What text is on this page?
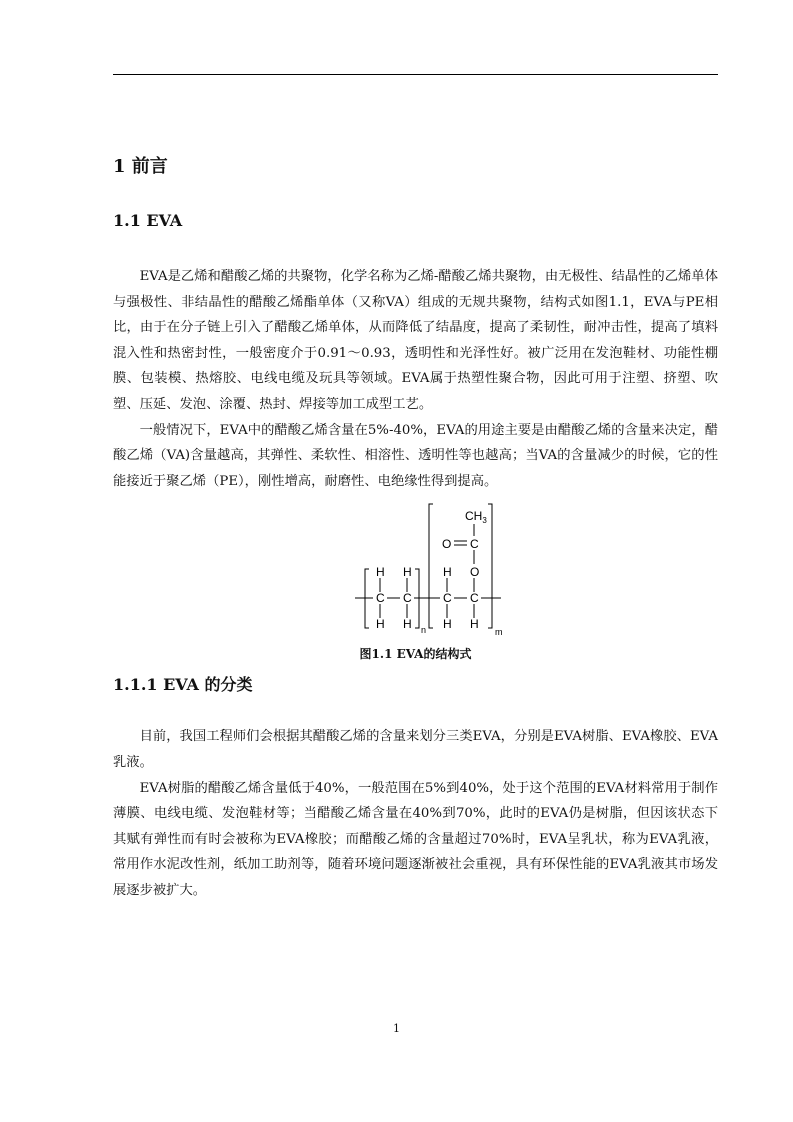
1 前言
1.1 EVA

EVA是乙烯和醋酸乙烯的共聚物，化学名称为乙烯-醋酸乙烯共聚物，由无极性、结晶性的乙烯单体与强极性、非结晶性的醋酸乙烯酯单体（又称VA）组成的无规共聚物，结构式如图1.1，EVA与PE相比，由于在分子链上引入了醋酸乙烯单体，从而降低了结晶度，提高了柔韧性，耐冲击性，提高了填料混入性和热密封性，一般密度介于0.91～0.93，透明性和光泽性好。被广泛用在发泡鞋材、功能性棚膜、包装模、热熔胶、电线电缆及玩具等领域。EVA属于热塑性聚合物，因此可用于注塑、挤塑、吹塑、压延、发泡、涂覆、热封、焊接等加工成型工艺。

一般情况下，EVA中的醋酸乙烯含量在5%-40%，EVA的用途主要是由醋酸乙烯的含量来决定，醋酸乙烯（VA)含量越高，其弹性、柔软性、相溶性、透明性等也越高；当VA的含量减少的时候，它的性能接近于聚乙烯（PE），刚性增高，耐磨性、电绝缘性得到提高。

$CH_3$
O C
O
H H	H
C C	C C
H H	H H
n	m
图1.1 EVA的结构式
1.1.1 EVA 的分类

目前，我国工程师们会根据其醋酸乙烯的含量来划分三类EVA，分别是EVA树脂、EVA橡胶、EVA乳液。

EVA树脂的醋酸乙烯含量低于40%，一般范围在5%到40%，处于这个范围的EVA材料常用于制作薄膜、电线电缆、发泡鞋材等；当醋酸乙烯含量在40%到70%，此时的EVA仍是树脂，但因该状态下其赋有弹性而有时会被称为EVA橡胶；而醋酸乙烯的含量超过70%时，EVA呈乳状，称为EVA乳液，常用作水泥改性剂，纸加工助剂等，随着环境问题逐渐被社会重视，具有环保性能的EVA乳液其市场发展逐步被扩大。

1
